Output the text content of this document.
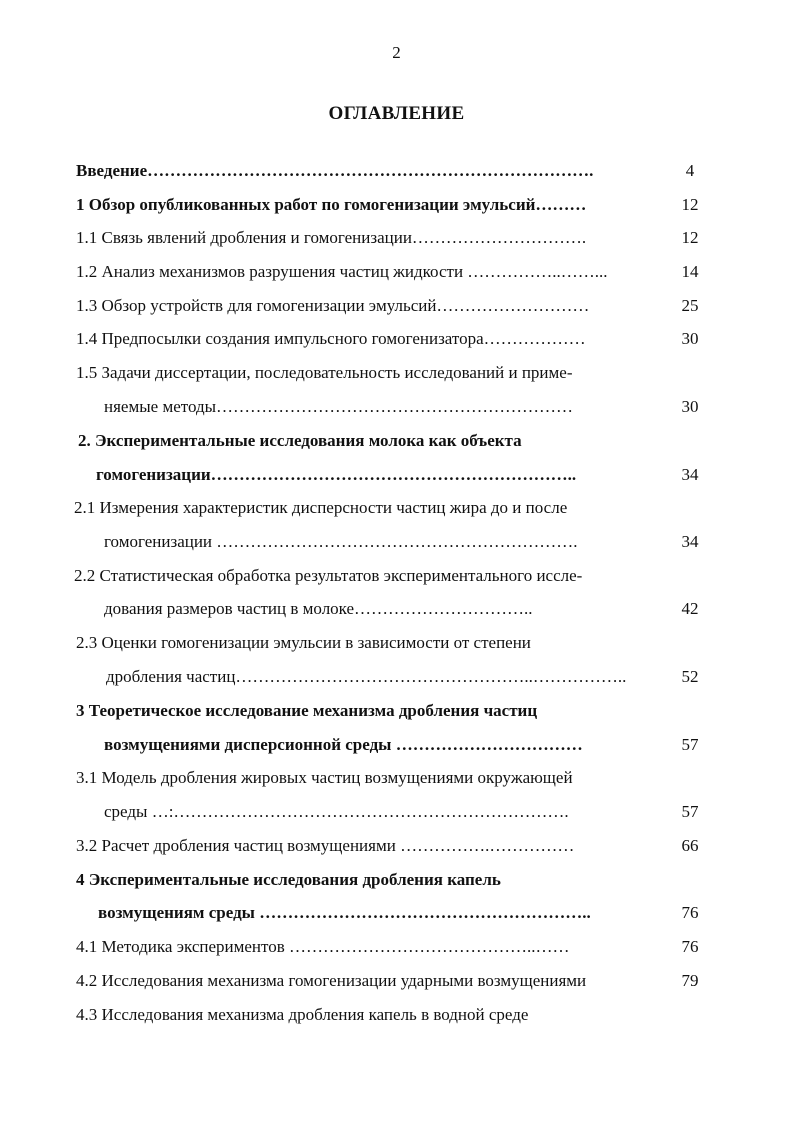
2
ОГЛАВЛЕНИЕ
Введение…………………………………………………………………….	4
1 Обзор опубликованных работ по гомогенизации эмульсий………	12
1.1 Связь явлений дробления и гомогенизации………………………….	12
1.2 Анализ механизмов разрушения частиц жидкости ……………..……...	14
1.3 Обзор устройств для гомогенизации эмульсий………………………	25
1.4 Предпосылки создания импульсного гомогенизатора………………	30
1.5 Задачи диссертации, последовательность исследований и приме-
няемые методы………………………………………………………	30
2. Экспериментальные исследования молока как объекта
гомогенизации………………………………………………………..	34
2.1 Измерения характеристик дисперсности частиц жира до и после
гомогенизации ……………………………………………………….	34
2.2 Статистическая обработка результатов экспериментального иссле-
дования размеров частиц в молоке…………………………..	42
2.3 Оценки гомогенизации эмульсии в зависимости от степени
дробления частиц……………………………………………..……………..	52
3 Теоретическое исследование механизма дробления частиц
возмущениями дисперсионной среды ……………………………	57
3.1 Модель дробления жировых частиц возмущениями окружающей
среды …:…………………………………………………………….	57
3.2 Расчет дробления частиц возмущениями …………….……………	66
4 Экспериментальные исследования дробления капель
возмущениям среды …………………………………………………..	76
4.1 Методика экспериментов ……………………………………..……	76
4.2 Исследования механизма гомогенизации ударными возмущениями	79
4.3 Исследования механизма дробления капель в водной среде
